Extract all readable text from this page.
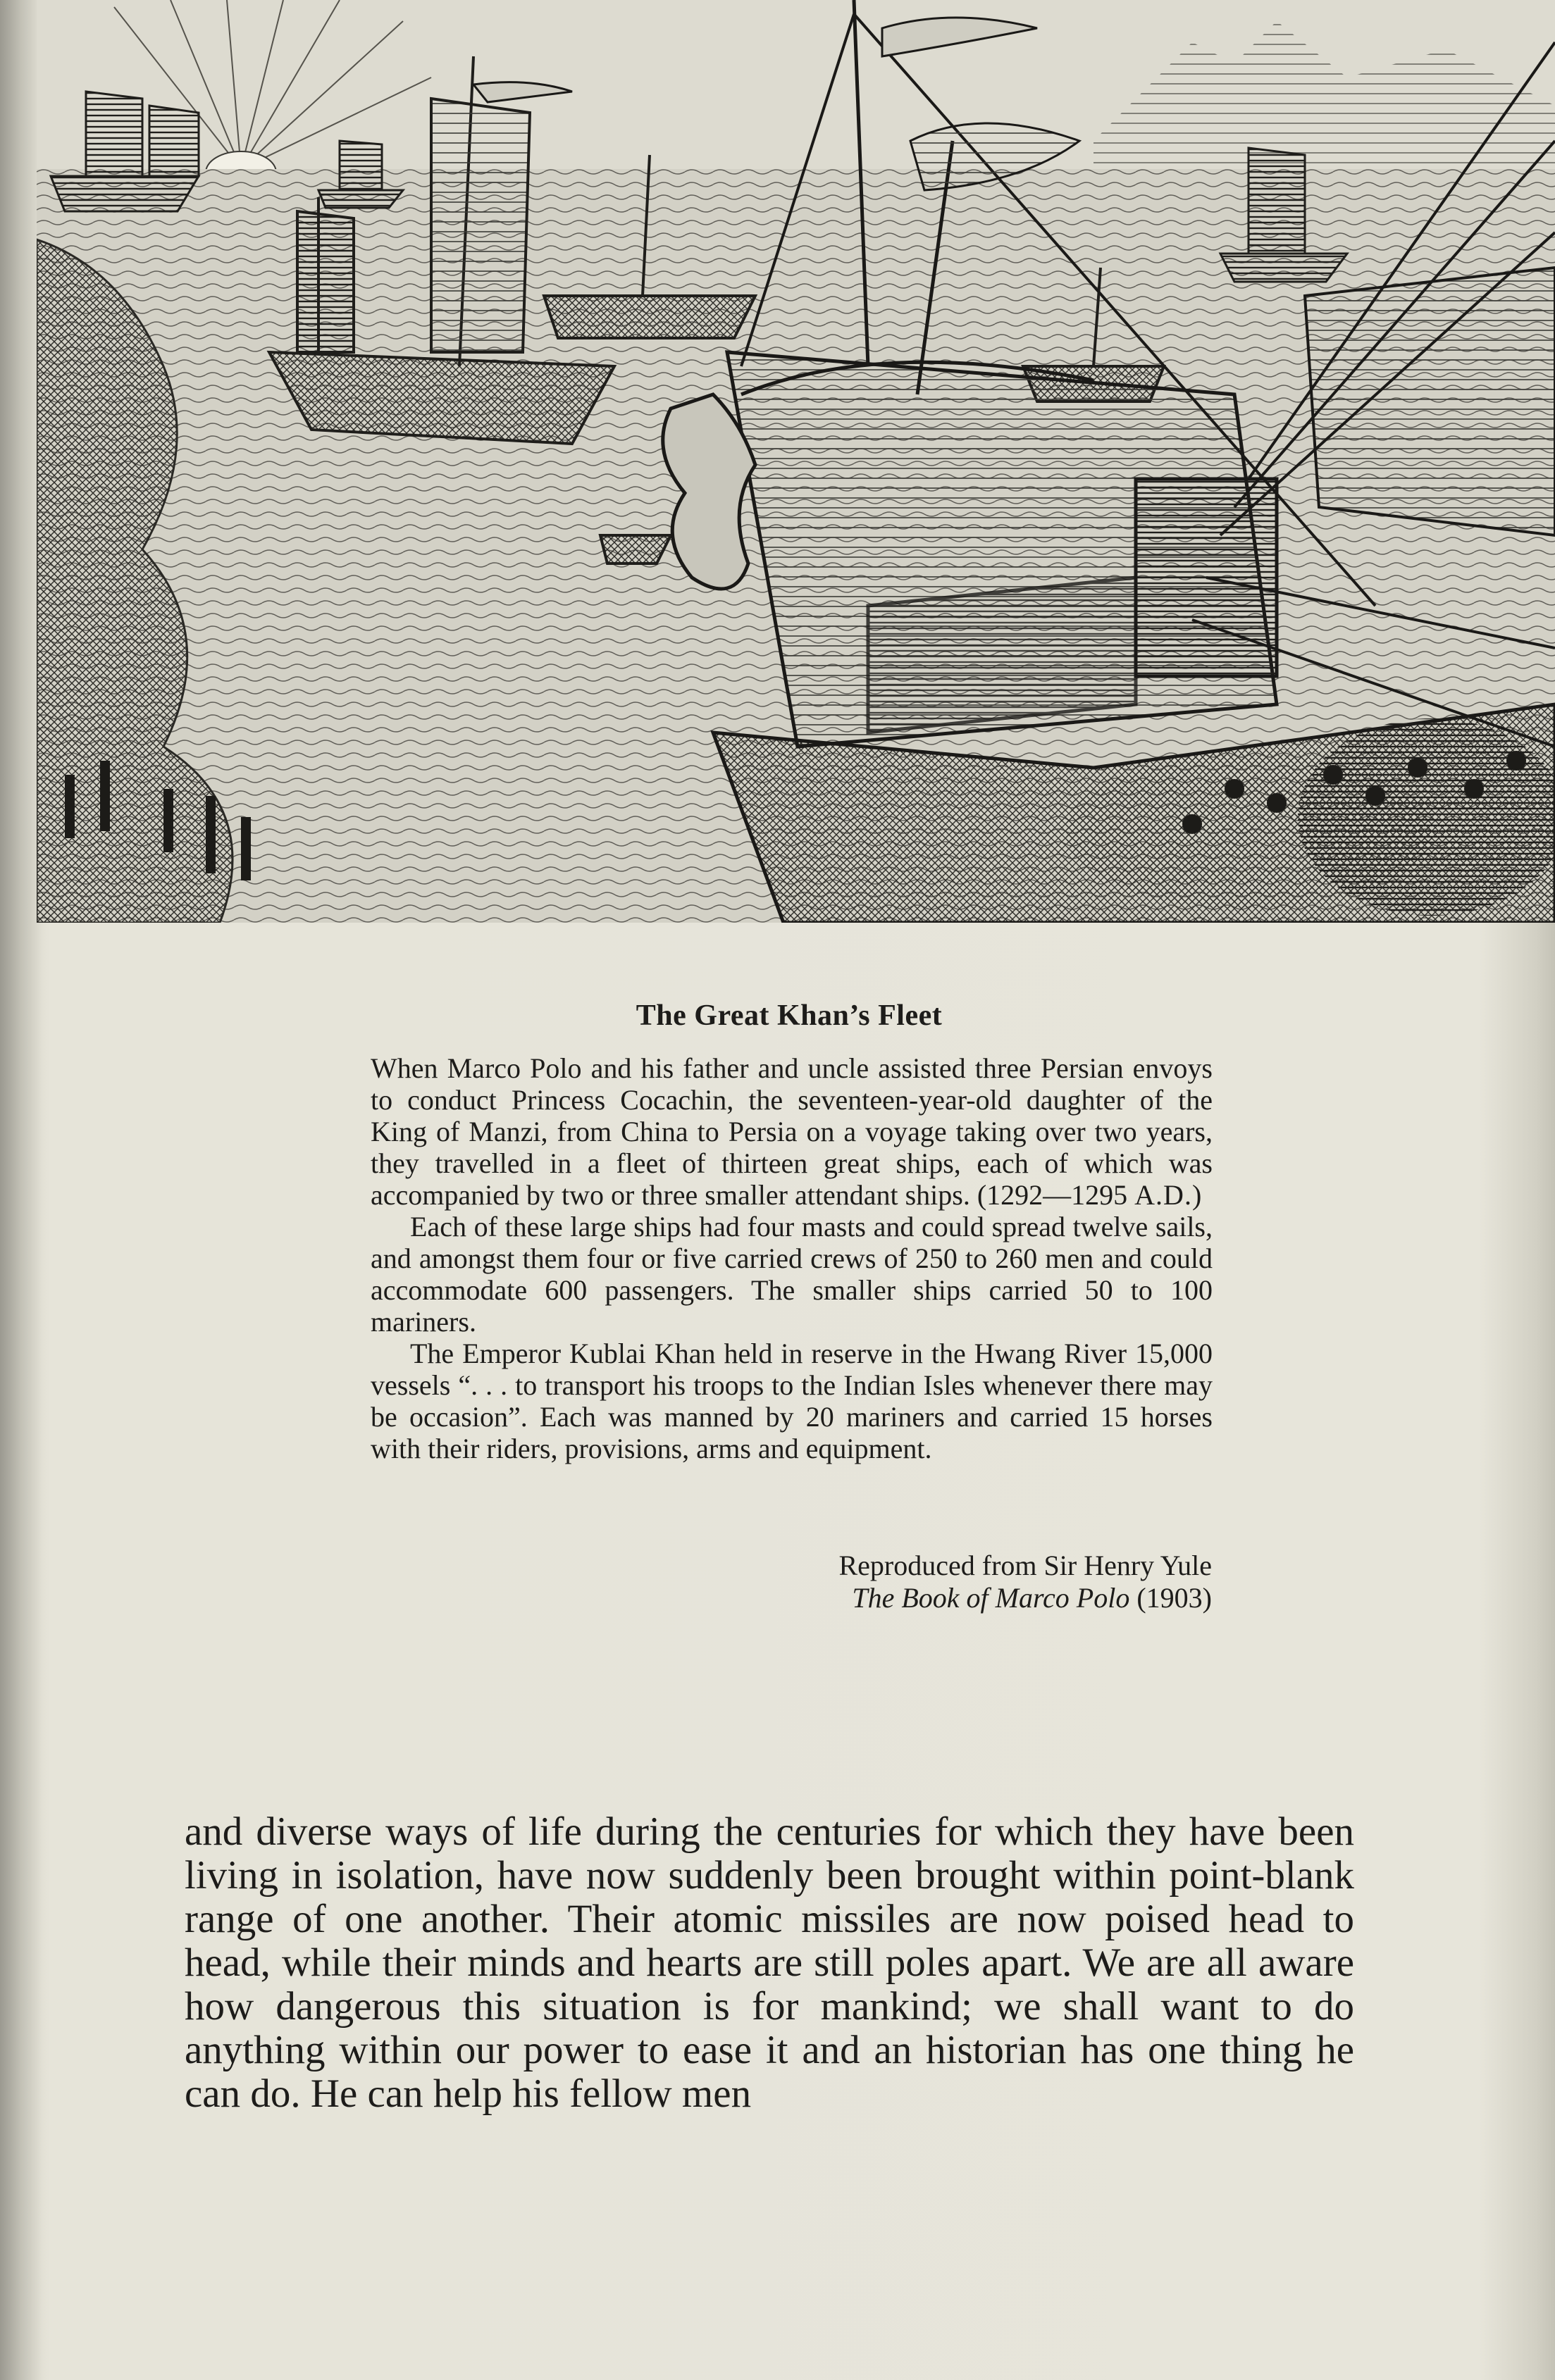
The Great Khan’s Fleet

When Marco Polo and his father and uncle assisted three Persian envoys to conduct Princess Cocachin, the seventeen-year-old daughter of the King of Manzi, from China to Persia on a voyage taking over two years, they travelled in a fleet of thirteen great ships, each of which was accompanied by two or three smaller attendant ships. (1292—1295 A.D.)

Each of these large ships had four masts and could spread twelve sails, and amongst them four or five carried crews of 250 to 260 men and could accommodate 600 passengers. The smaller ships carried 50 to 100 mariners.

The Emperor Kublai Khan held in reserve in the Hwang River 15,000 vessels “. . . to transport his troops to the Indian Isles whenever there may be occasion”. Each was manned by 20 mariners and carried 15 horses with their riders, provisions, arms and equipment.

Reproduced from Sir Henry Yule
The Book of Marco Polo (1903)

and diverse ways of life during the centuries for which they have been living in isolation, have now suddenly been brought within point-blank range of one another. Their atomic missiles are now poised head to head, while their minds and hearts are still poles apart. We are all aware how dangerous this situation is for mankind; we shall want to do anything within our power to ease it and an historian has one thing he can do. He can help his fellow men
